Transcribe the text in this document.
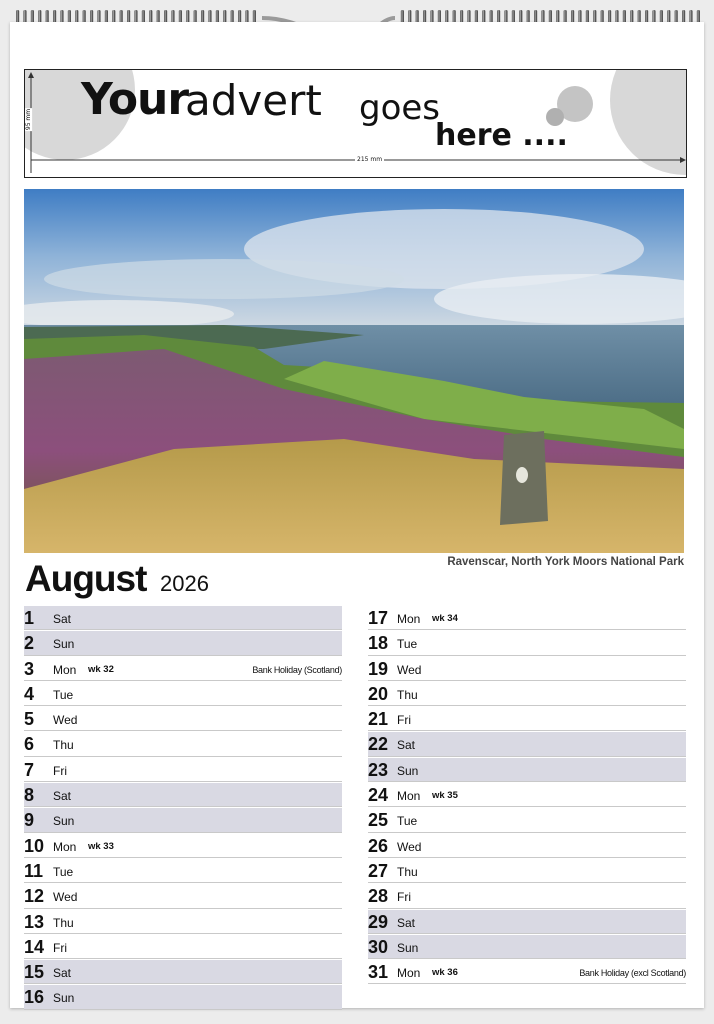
Your
advert goes
here ....
95 mm
215 mm
Ravenscar, North York Moors National Park
August 2026
1 Sat
2 Sun
3 Mon wk 32	Bank Holiday (Scotland)
4 Tue
5 Wed
6 Thu
7 Fri
8 Sat
9 Sun
10 Mon wk 33
11 Tue
12 Wed
13 Thu
14 Fri
15 Sat
16 Sun
17 Mon wk 34
18 Tue
19 Wed
20 Thu
21 Fri
22 Sat
23 Sun
24 Mon wk 35
25 Tue
26 Wed
27 Thu
28 Fri
29 Sat
30 Sun
31 Mon wk 36	Bank Holiday (excl Scotland)
